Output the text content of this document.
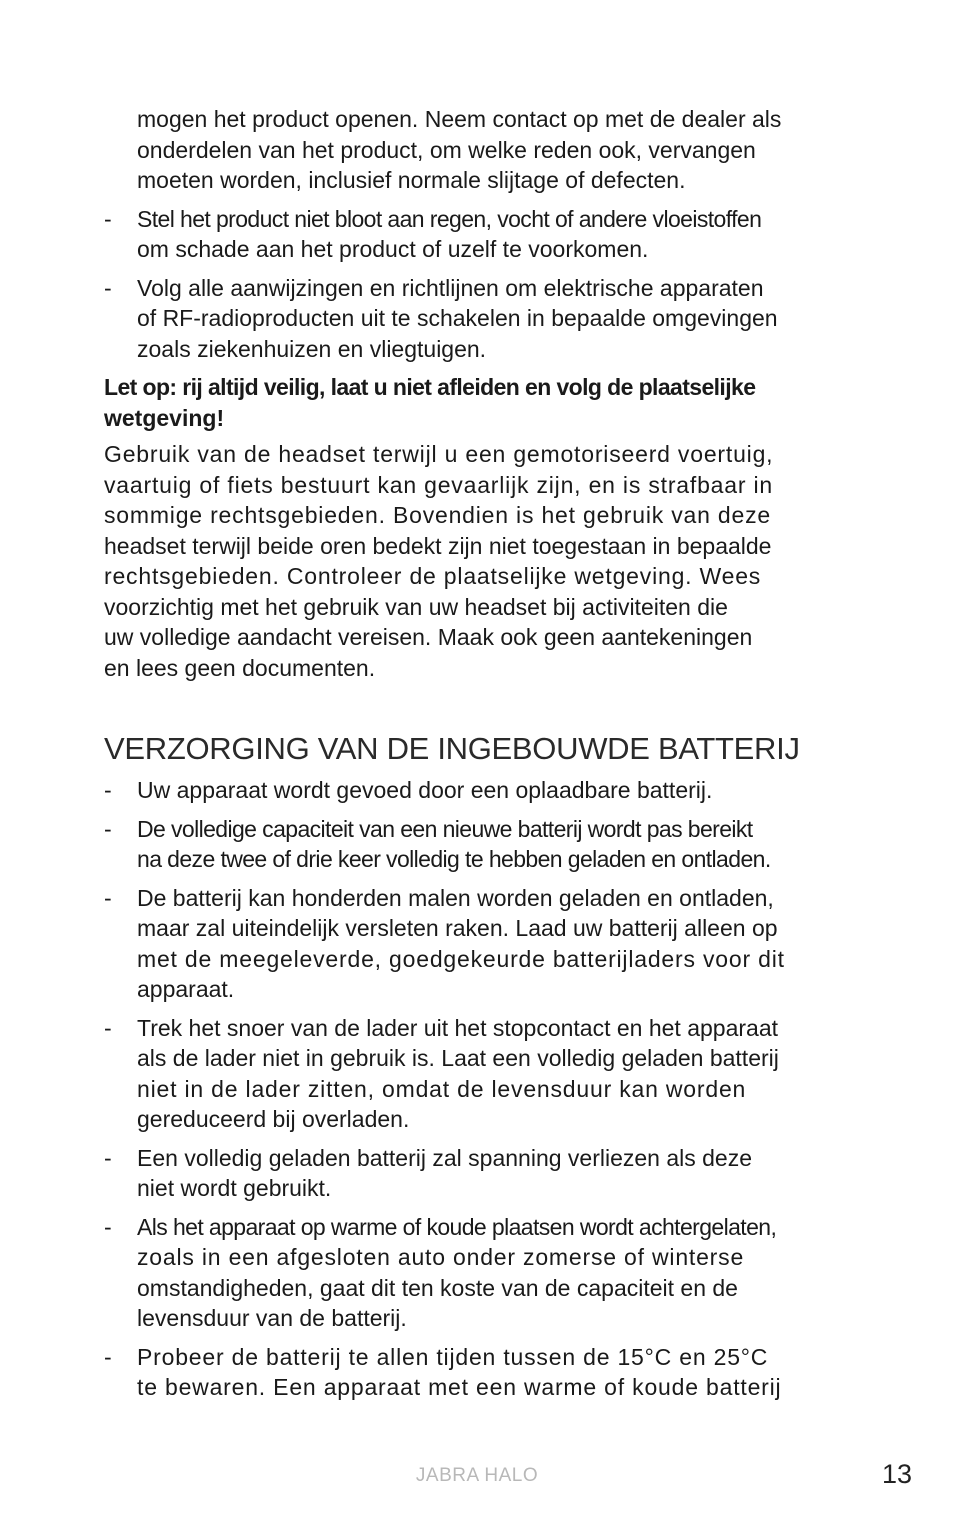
mogen het product openen. Neem contact op met de dealer als
onderdelen van het product, om welke reden ook, vervangen
moeten worden, inclusief normale slijtage of defecten.
- Stel het product niet bloot aan regen, vocht of andere vloeistoffen
om schade aan het product of uzelf te voorkomen.
- Volg alle aanwijzingen en richtlijnen om elektrische apparaten
of RF-radioproducten uit te schakelen in bepaalde omgevingen
zoals ziekenhuizen en vliegtuigen.
Let op: rij altijd veilig, laat u niet afleiden en volg de plaatselijke
wetgeving!
Gebruik van de headset terwijl u een gemotoriseerd voertuig,
vaartuig of fiets bestuurt kan gevaarlijk zijn, en is strafbaar in
sommige rechtsgebieden. Bovendien is het gebruik van deze
headset terwijl beide oren bedekt zijn niet toegestaan in bepaalde
rechtsgebieden. Controleer de plaatselijke wetgeving. Wees
voorzichtig met het gebruik van uw headset bij activiteiten die
uw volledige aandacht vereisen. Maak ook geen aantekeningen
en lees geen documenten.
VERZORGING VAN DE INGEBOUWDE BATTERIJ
- Uw apparaat wordt gevoed door een oplaadbare batterij.
- De volledige capaciteit van een nieuwe batterij wordt pas bereikt
na deze twee of drie keer volledig te hebben geladen en ontladen.
- De batterij kan honderden malen worden geladen en ontladen,
maar zal uiteindelijk versleten raken. Laad uw batterij alleen op
met de meegeleverde, goedgekeurde batterijladers voor dit
apparaat.
- Trek het snoer van de lader uit het stopcontact en het apparaat
als de lader niet in gebruik is. Laat een volledig geladen batterij
niet in de lader zitten, omdat de levensduur kan worden
gereduceerd bij overladen.
- Een volledig geladen batterij zal spanning verliezen als deze
niet wordt gebruikt.
- Als het apparaat op warme of koude plaatsen wordt achtergelaten,
zoals in een afgesloten auto onder zomerse of winterse
omstandigheden, gaat dit ten koste van de capaciteit en de
levensduur van de batterij.
- Probeer de batterij te allen tijden tussen de 15°C en 25°C
te bewaren. Een apparaat met een warme of koude batterij
JABRA HALO	13
